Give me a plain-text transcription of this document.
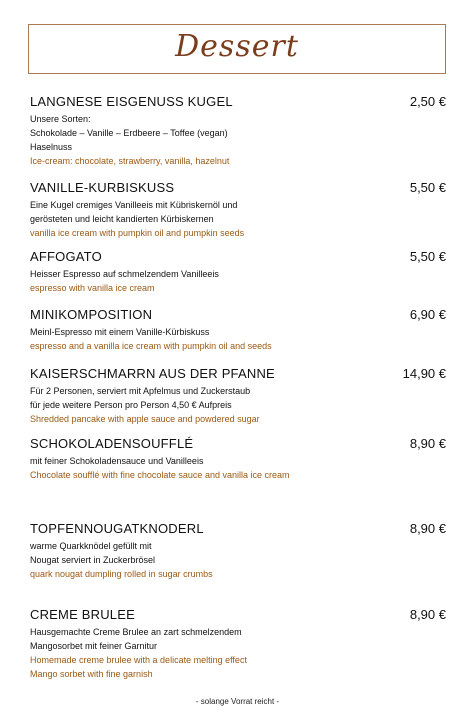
Dessert
LANGNESE EISGENUSS KUGEL	2,50 €
Unsere Sorten:
Schokolade – Vanille – Erdbeere – Toffee (vegan)
Haselnuss
Ice-cream: chocolate, strawberry, vanilla, hazelnut
VANILLE-KURBISKUSS	5,50 €
Eine Kugel cremiges Vanilleeis mit Kübriskernöl und
gerösteten und leicht kandierten Kürbiskernen
vanilla ice cream with pumpkin oil and pumpkin seeds
AFFOGATO	5,50 €
Heisser Espresso auf schmelzendem Vanilleeis
espresso with vanilla ice cream
MINIKOMPOSITION	6,90 €
Meinl-Espresso mit einem Vanille-Kürbiskuss
espresso and a vanilla ice cream with pumpkin oil and seeds
KAISERSCHMARRN AUS DER PFANNE	14,90 €
Für 2 Personen, serviert mit Apfelmus und Zuckerstaub
für jede weitere Person pro Person 4,50 € Aufpreis
Shredded pancake with apple sauce and powdered sugar
SCHOKOLADENSOUFFLÉ	8,90 €
mit feiner Schokoladensauce und Vanilleeis
Chocolate soufflé with fine chocolate sauce and vanilla ice cream
TOPFENNOUGATKNODERL	8,90 €
warme Quarkknödel gefüllt mit
Nougat serviert in Zuckerbrösel
quark nougat dumpling rolled in sugar crumbs
CREME BRULEE	8,90 €
Hausgemachte Creme Brulee an zart schmelzendem
Mangosorbet mit feiner Garnitur
Homemade creme brulee with a delicate melting effect
Mango sorbet with fine garnish
- solange Vorrat reicht -
